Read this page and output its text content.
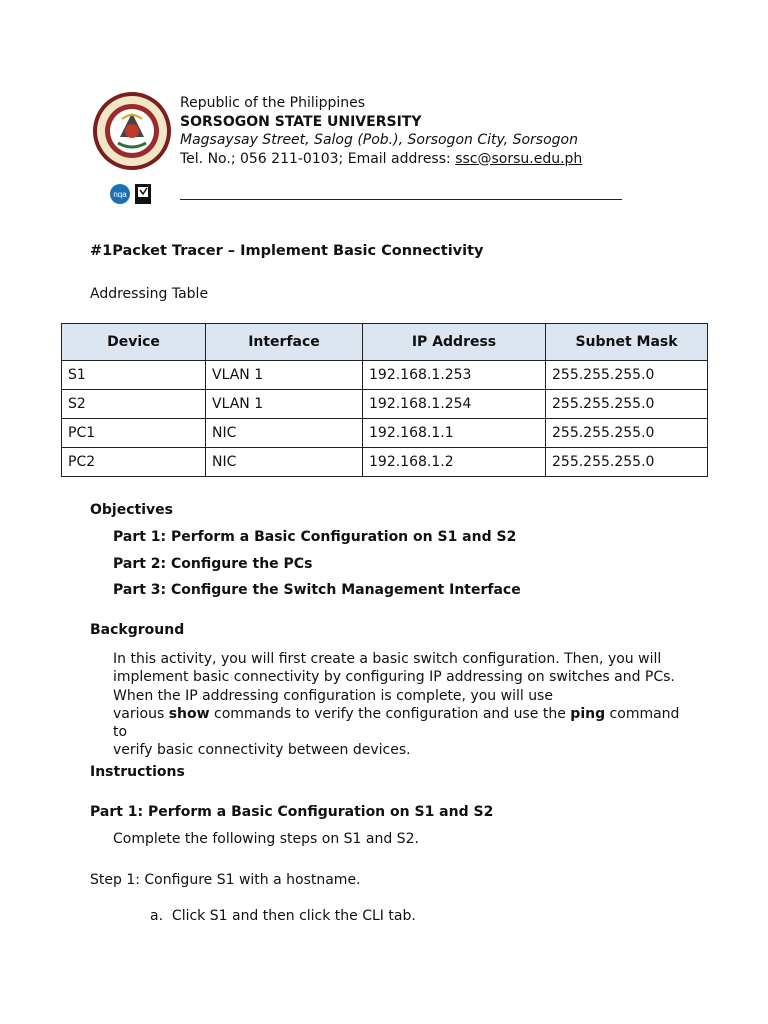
nqa
Republic of the Philippines
SORSOGON STATE UNIVERSITY
Magsaysay Street, Salog (Pob.), Sorsogon City, Sorsogon
Tel. No.; 056 211-0103; Email address: ssc@sorsu.edu.ph
#1Packet Tracer – Implement Basic Connectivity
Addressing Table
Device	Interface	IP Address	Subnet Mask
S1	VLAN 1	192.168.1.253	255.255.255.0
S2	VLAN 1	192.168.1.254	255.255.255.0
PC1	NIC	192.168.1.1	255.255.255.0
PC2	NIC	192.168.1.2	255.255.255.0
Objectives
Part 1: Perform a Basic Configuration on S1 and S2
Part 2: Configure the PCs
Part 3: Configure the Switch Management Interface
Background
In this activity, you will first create a basic switch configuration. Then, you will
implement basic connectivity by configuring IP addressing on switches and PCs.
When the IP addressing configuration is complete, you will use
various show commands to verify the configuration and use the ping command to
verify basic connectivity between devices.
Instructions
Part 1: Perform a Basic Configuration on S1 and S2
Complete the following steps on S1 and S2.
Step 1: Configure S1 with a hostname.
a.  Click S1 and then click the CLI tab.
